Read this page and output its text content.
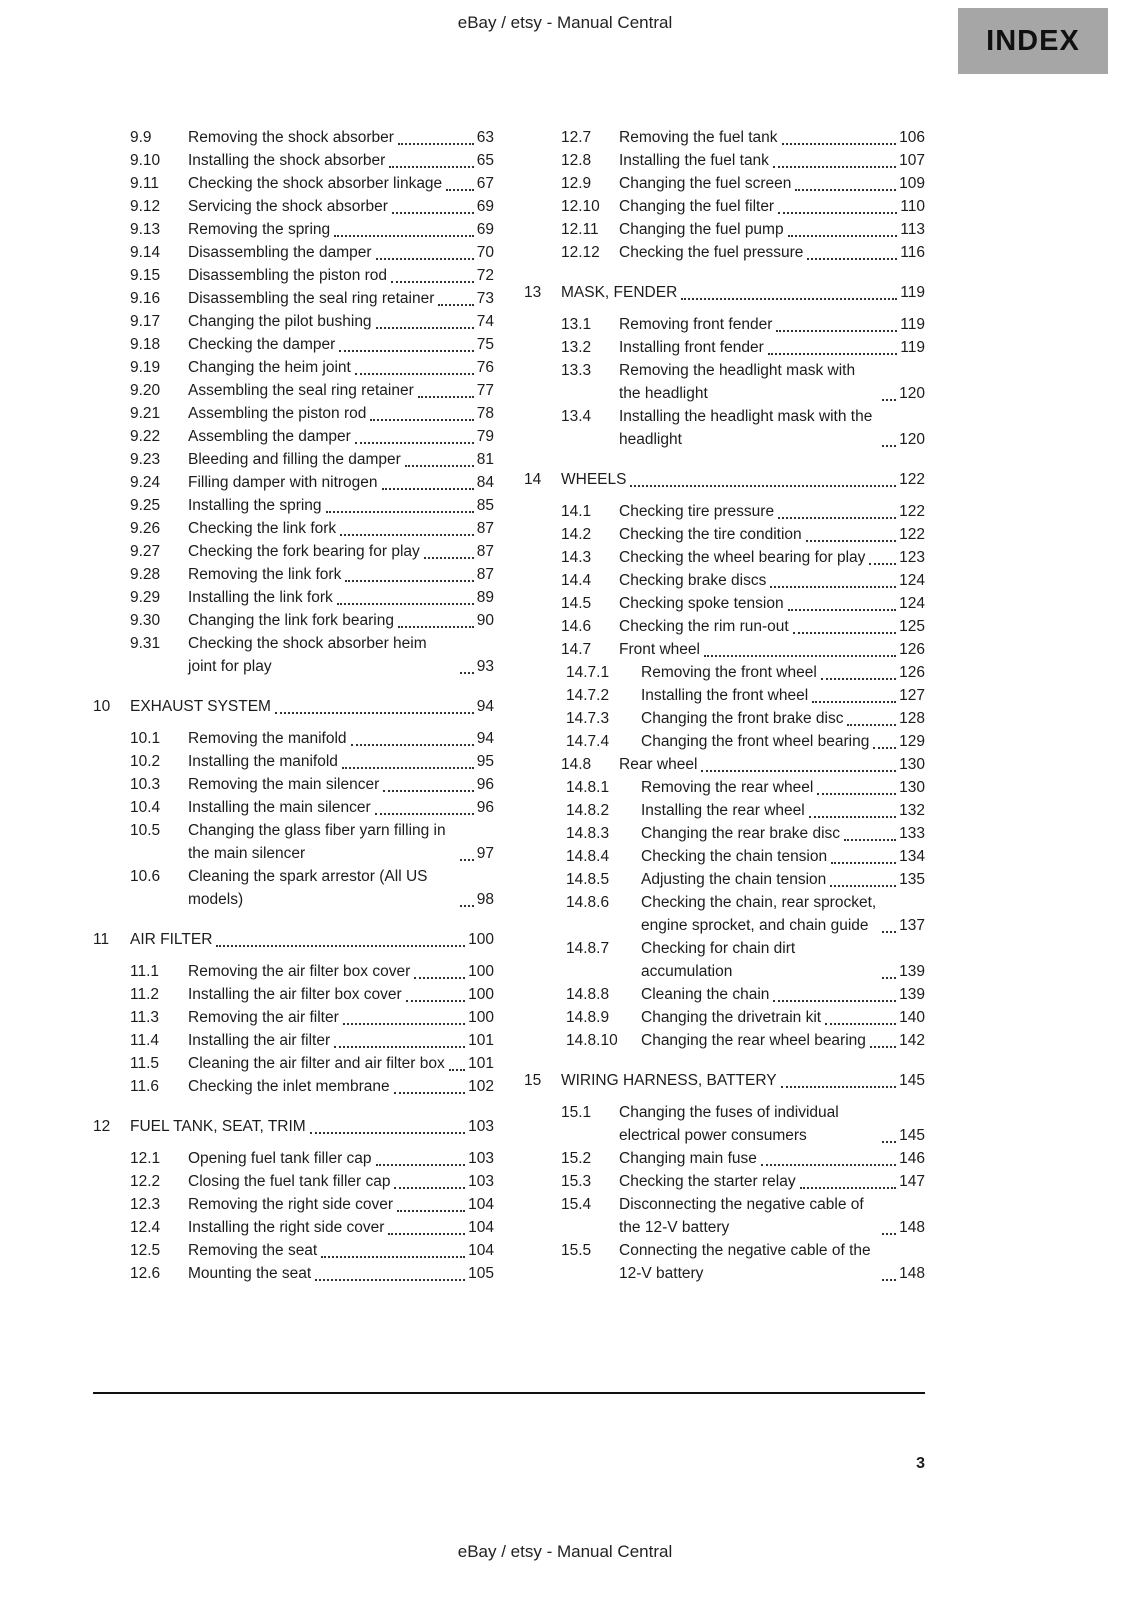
eBay / etsy - Manual Central
INDEX
9.9	Removing the shock absorber	63
9.10	Installing the shock absorber	65
9.11	Checking the shock absorber linkage 67
9.12	Servicing the shock absorber	69
9.13	Removing the spring	69
9.14	Disassembling the damper	70
9.15	Disassembling the piston rod	72
9.16	Disassembling the seal ring retainer	73
9.17	Changing the pilot bushing	74
9.18	Checking the damper	75
9.19	Changing the heim joint	76
9.20	Assembling the seal ring retainer	77
9.21	Assembling the piston rod	78
9.22	Assembling the damper	79
9.23	Bleeding and filling the damper	81
9.24	Filling damper with nitrogen	84
9.25	Installing the spring	85
9.26	Checking the link fork	87
9.27	Checking the fork bearing for play	87
9.28	Removing the link fork	87
9.29	Installing the link fork	89
9.30	Changing the link fork bearing	90
9.31	Checking the shock absorber heim joint for play	93
10	EXHAUST SYSTEM	94
10.1	Removing the manifold	94
10.2	Installing the manifold	95
10.3	Removing the main silencer	96
10.4	Installing the main silencer	96
10.5	Changing the glass fiber yarn filling in the main silencer	97
10.6	Cleaning the spark arrestor (All US models)	98
11	AIR FILTER	100
11.1	Removing the air filter box cover	100
11.2	Installing the air filter box cover	100
11.3	Removing the air filter	100
11.4	Installing the air filter	101
11.5	Cleaning the air filter and air filter box 101
11.6	Checking the inlet membrane	102
12	FUEL TANK, SEAT, TRIM	103
12.1	Opening fuel tank filler cap	103
12.2	Closing the fuel tank filler cap	103
12.3	Removing the right side cover	104
12.4	Installing the right side cover	104
12.5	Removing the seat	104
12.6	Mounting the seat	105
12.7	Removing the fuel tank	106
12.8	Installing the fuel tank	107
12.9	Changing the fuel screen	109
12.10	Changing the fuel filter	110
12.11	Changing the fuel pump	113
12.12	Checking the fuel pressure	116
13	MASK, FENDER	119
13.1	Removing front fender	119
13.2	Installing front fender	119
13.3	Removing the headlight mask with the headlight	120
13.4	Installing the headlight mask with the headlight	120
14	WHEELS	122
14.1	Checking tire pressure	122
14.2	Checking the tire condition	122
14.3	Checking the wheel bearing for play 123
14.4	Checking brake discs	124
14.5	Checking spoke tension	124
14.6	Checking the rim run-out	125
14.7	Front wheel	126
14.7.1	Removing the front wheel	126
14.7.2	Installing the front wheel	127
14.7.3	Changing the front brake disc	128
14.7.4	Changing the front wheel bearing 129
14.8	Rear wheel	130
14.8.1	Removing the rear wheel	130
14.8.2	Installing the rear wheel	132
14.8.3	Changing the rear brake disc	133
14.8.4	Checking the chain tension	134
14.8.5	Adjusting the chain tension	135
14.8.6	Checking the chain, rear sprocket, engine sprocket, and chain guide	137
14.8.7	Checking for chain dirt accumulation	139
14.8.8	Cleaning the chain	139
14.8.9	Changing the drivetrain kit	140
14.8.10	Changing the rear wheel bearing 142
15	WIRING HARNESS, BATTERY	145
15.1	Changing the fuses of individual electrical power consumers	145
15.2	Changing main fuse	146
15.3	Checking the starter relay	147
15.4	Disconnecting the negative cable of the 12-V battery	148
15.5	Connecting the negative cable of the 12-V battery	148
3
eBay / etsy - Manual Central
